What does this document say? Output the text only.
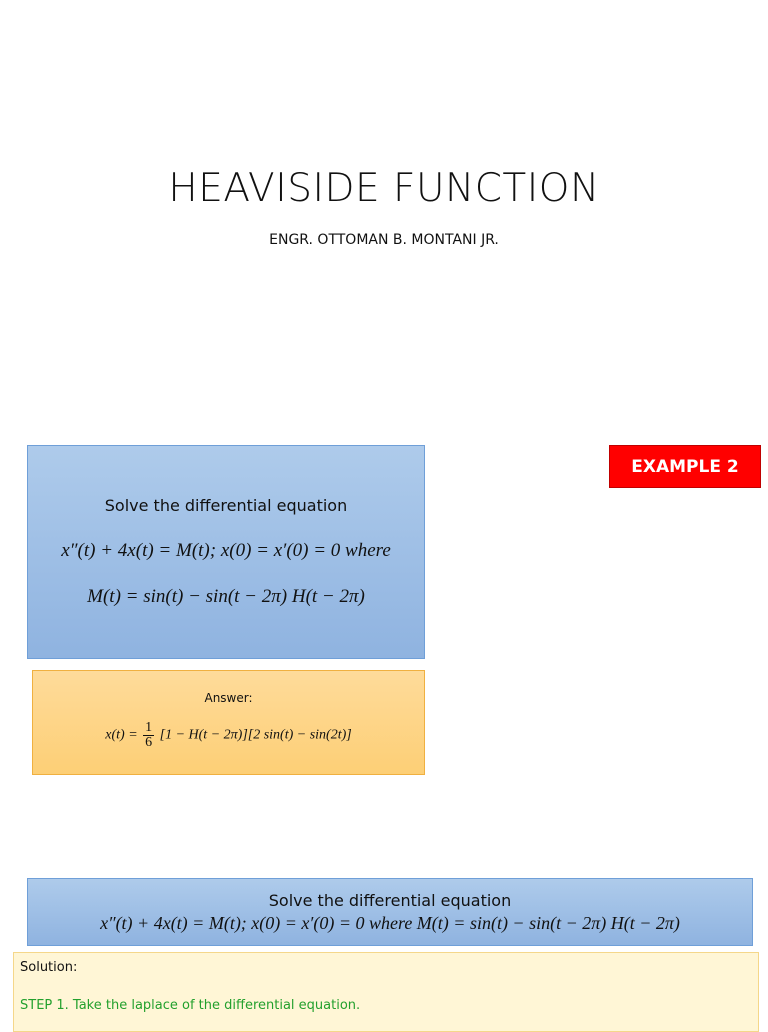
HEAVISIDE FUNCTION
ENGR. OTTOMAN B. MONTANI JR.
EXAMPLE 2
Solve the differential equation
x″(t) + 4x(t) = M(t); x(0) = x′(0) = 0 where
M(t) = sin(t) − sin(t − 2π) H(t − 2π)
Answer:
$x(t) = \frac{1}{6} [1 - H(t - 2\pi)][2$ sin(t) − sin(2t)]
Solve the differential equation
x″(t) + 4x(t) = M(t); x(0) = x′(0) = 0 where M(t) = sin(t) − sin(t − 2π) H(t − 2π)
Solution:
STEP 1. Take the laplace of the differential equation.
